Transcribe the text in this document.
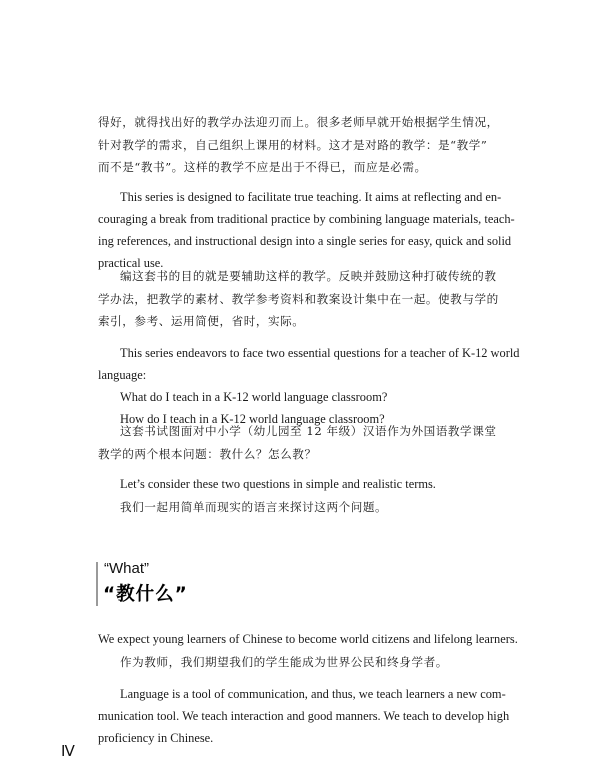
得好，就得找出好的教学办法迎刃而上。很多老师早就开始根据学生情况，
针对教学的需求，自己组织上课用的材料。这才是对路的教学：是“教学”
而不是“教书”。这样的教学不应是出于不得已，而应是必需。
This series is designed to facilitate true teaching. It aims at reflecting and en-
couraging a break from traditional practice by combining language materials, teach-
ing references, and instructional design into a single series for easy, quick and solid
practical use.
编这套书的目的就是要辅助这样的教学。反映并鼓励这种打破传统的教
学办法，把教学的素材、教学参考资料和教案设计集中在一起。使教与学的
索引，参考、运用简便，省时，实际。
This series endeavors to face two essential questions for a teacher of K-12 world
language:
What do I teach in a K-12 world language classroom?
How do I teach in a K-12 world language classroom?
这套书试图面对中小学（幼儿园至 12 年级）汉语作为外国语教学课堂
教学的两个根本问题：教什么？怎么教？
Let’s consider these two questions in simple and realistic terms.
我们一起用简单而现实的语言来探讨这两个问题。
“What”
“教什么”
We expect young learners of Chinese to become world citizens and lifelong learners.
作为教师，我们期望我们的学生能成为世界公民和终身学者。
Language is a tool of communication, and thus, we teach learners a new com-
munication tool. We teach interaction and good manners. We teach to develop high
proficiency in Chinese.
Ⅳ
